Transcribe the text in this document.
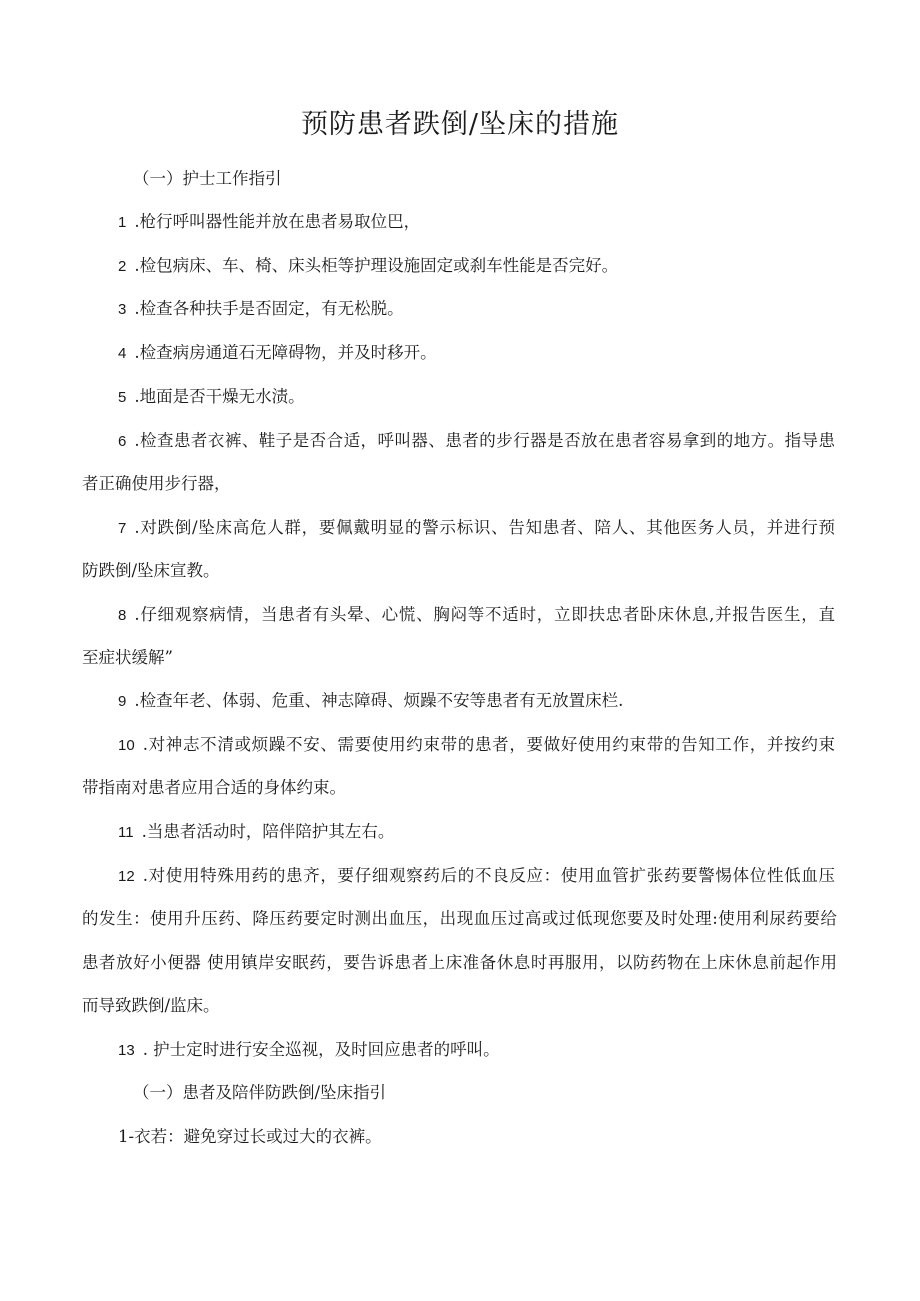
预防患者跌倒/坠床的措施
（一）护士工作指引
1 .枪行呼叫器性能并放在患者易取位巴，
2 .检包病床、车、椅、床头柜等护理设施固定或刹车性能是否完好。
3 .检查各种扶手是否固定，有无松脱。
4 .检查病房通道石无障碍物，并及时移开。
5 .地面是否干燥无水渍。
6 .检查患者衣裤、鞋子是否合适，呼叫器、患者的步行器是否放在患者容易拿到的地方。指导患
者正确使用步行器，
7 .对跌倒/坠床高危人群，要佩戴明显的警示标识、告知患者、陪人、其他医务人员，并进行预
防跌倒/坠床宣教。
8 .仔细观察病情，当患者有头晕、心慌、胸闷等不适时，立即扶忠者卧床休息,并报告医生，直
至症状缓解”
9 .检查年老、体弱、危重、神志障碍、烦躁不安等患者有无放置床栏.
10 .对神志不清或烦躁不安、需要使用约束带的患者，要做好使用约束带的告知工作，并按约束
带指南对患者应用合适的身体约束。
11 .当患者活动时，陪伴陪护其左右。
12 .对使用特殊用药的患齐，要仔细观察药后的不良反应：使用血管扩张药要警惕体位性低血压
的发生：使用升压药、降压药要定时测出血压，出现血压过高或过低现您要及时处理:使用利尿药要给
患者放好小便器 使用镇岸安眠药，要告诉患者上床准备休息时再服用，以防药物在上床休息前起作用
而导致跌倒/监床。
13 . 护士定时进行安全巡视，及时回应患者的呼叫。
（一）患者及陪伴防跌倒/坠床指引
1-衣若：避免穿过长或过大的衣裤。
